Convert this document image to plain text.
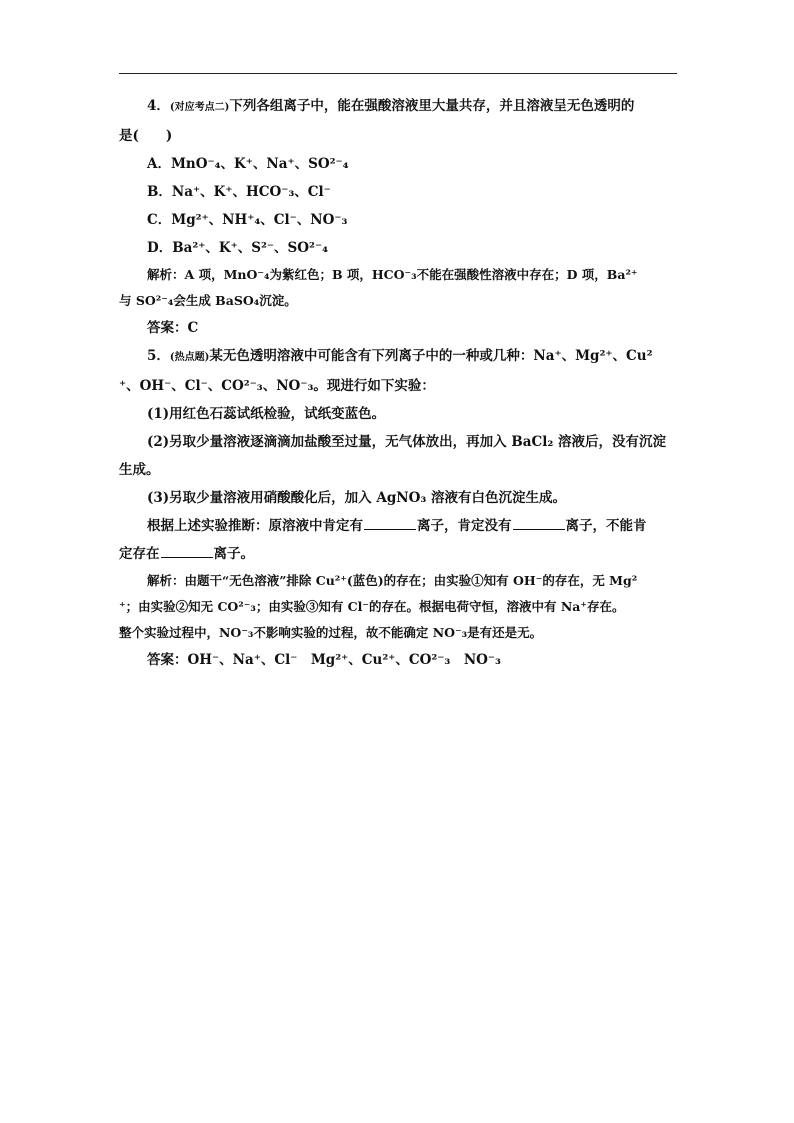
4．(对应考点二)下列各组离子中，能在强酸溶液里大量共存，并且溶液呈无色透明的

是(　　)

A．MnO⁻₄、K⁺、Na⁺、SO²⁻₄

B．Na⁺、K⁺、HCO⁻₃、Cl⁻

C．Mg²⁺、NH⁺₄、Cl⁻、NO⁻₃

D．Ba²⁺、K⁺、S²⁻、SO²⁻₄

解析：A 项，MnO⁻₄为紫红色；B 项，HCO⁻₃不能在强酸性溶液中存在；D 项，Ba²⁺

与 SO²⁻₄会生成 BaSO₄沉淀。

答案：C

5．(热点题)某无色透明溶液中可能含有下列离子中的一种或几种：Na⁺、Mg²⁺、Cu²

⁺、OH⁻、Cl⁻、CO²⁻₃、NO⁻₃。现进行如下实验：

(1)用红色石蕊试纸检验，试纸变蓝色。

(2)另取少量溶液逐滴滴加盐酸至过量，无气体放出，再加入 BaCl₂ 溶液后，没有沉淀

生成。

(3)另取少量溶液用硝酸酸化后，加入 AgNO₃ 溶液有白色沉淀生成。

根据上述实验推断：原溶液中肯定有	离子，肯定没有	离子，不能肯

定存在	离子。

解析：由题干“无色溶液”排除 Cu²⁺(蓝色)的存在；由实验①知有 OH⁻的存在，无 Mg²

⁺；由实验②知无 CO²⁻₃；由实验③知有 Cl⁻的存在。根据电荷守恒，溶液中有 Na⁺存在。

整个实验过程中，NO⁻₃不影响实验的过程，故不能确定 NO⁻₃是有还是无。

答案：OH⁻、Na⁺、Cl⁻　Mg²⁺、Cu²⁺、CO²⁻₃　NO⁻₃
